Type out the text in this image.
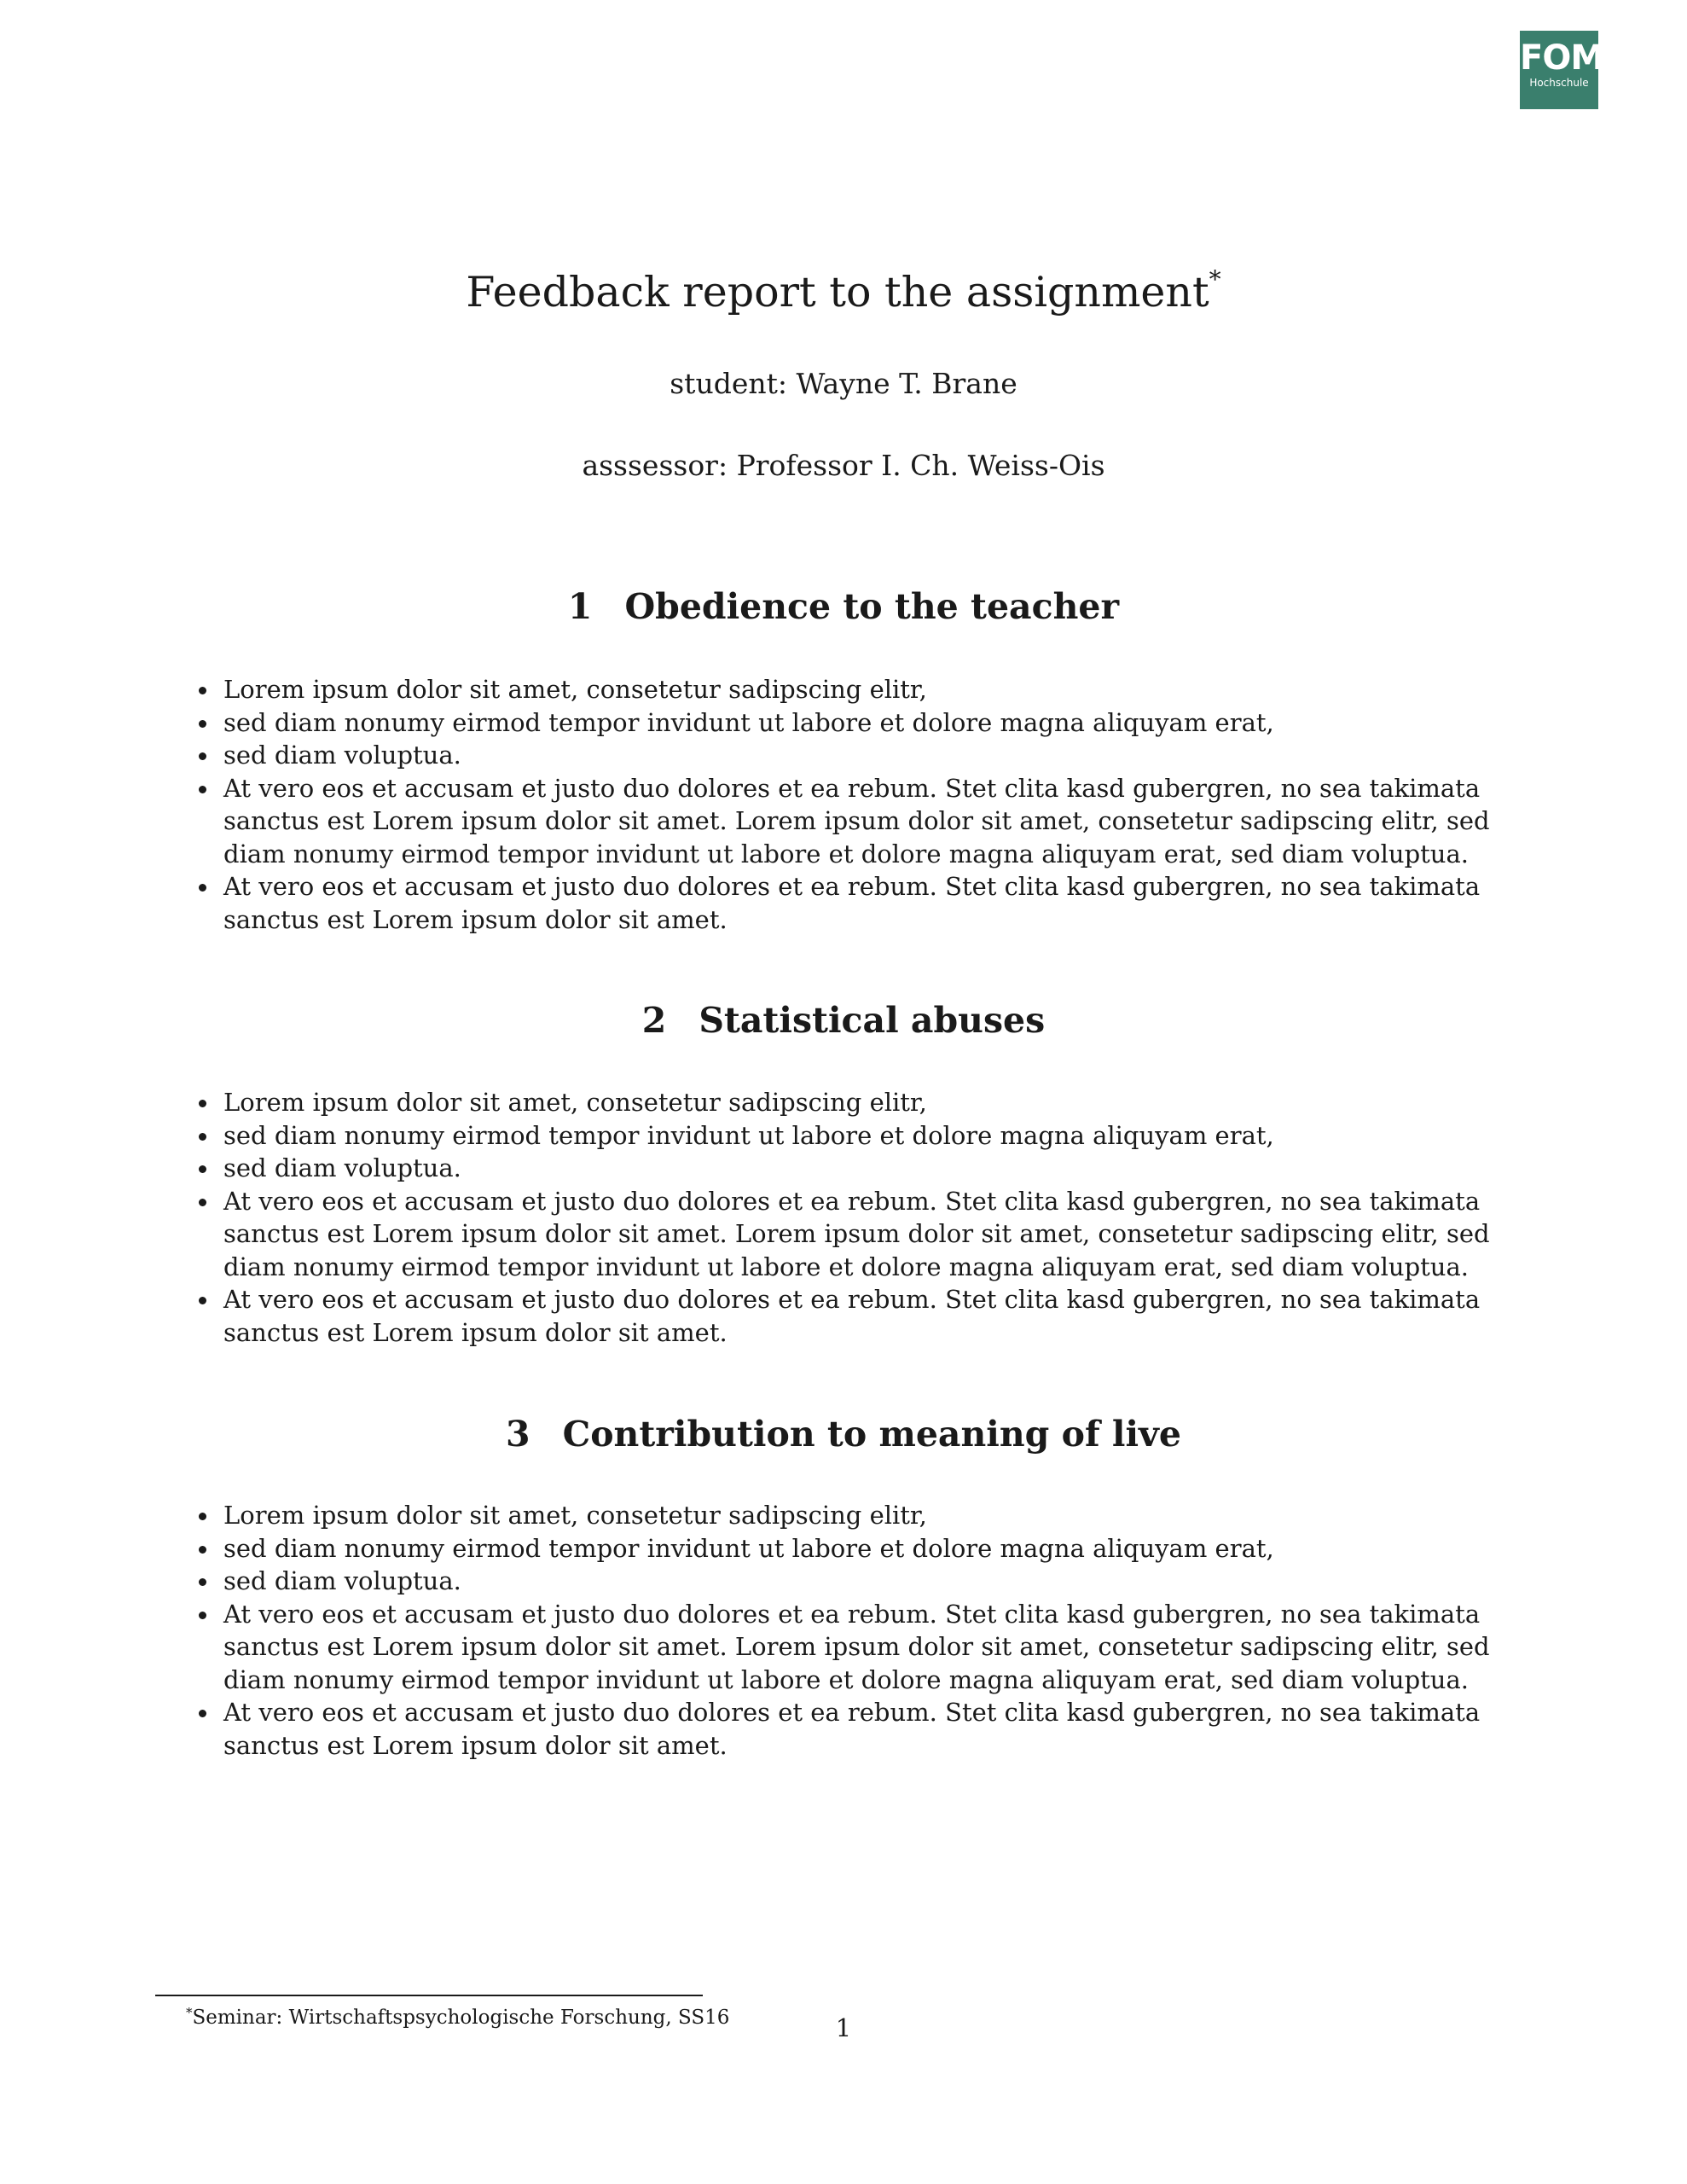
FOM
Hochschule
Feedback report to the assignment*

student: Wayne T. Brane

asssessor: Professor I. Ch. Weiss-Ois

1 Obedience to the teacher
Lorem ipsum dolor sit amet, consetetur sadipscing elitr,
sed diam nonumy eirmod tempor invidunt ut labore et dolore magna aliquyam erat,
sed diam voluptua.
At vero eos et accusam et justo duo dolores et ea rebum. Stet clita kasd gubergren, no sea takimata sanctus est Lorem ipsum dolor sit amet. Lorem ipsum dolor sit amet, consetetur sadipscing elitr, sed diam nonumy eirmod tempor invidunt ut labore et dolore magna aliquyam erat, sed diam voluptua.
At vero eos et accusam et justo duo dolores et ea rebum. Stet clita kasd gubergren, no sea takimata sanctus est Lorem ipsum dolor sit amet.
2 Statistical abuses
Lorem ipsum dolor sit amet, consetetur sadipscing elitr,
sed diam nonumy eirmod tempor invidunt ut labore et dolore magna aliquyam erat,
sed diam voluptua.
At vero eos et accusam et justo duo dolores et ea rebum. Stet clita kasd gubergren, no sea takimata sanctus est Lorem ipsum dolor sit amet. Lorem ipsum dolor sit amet, consetetur sadipscing elitr, sed diam nonumy eirmod tempor invidunt ut labore et dolore magna aliquyam erat, sed diam voluptua.
At vero eos et accusam et justo duo dolores et ea rebum. Stet clita kasd gubergren, no sea takimata sanctus est Lorem ipsum dolor sit amet.
3 Contribution to meaning of live
Lorem ipsum dolor sit amet, consetetur sadipscing elitr,
sed diam nonumy eirmod tempor invidunt ut labore et dolore magna aliquyam erat,
sed diam voluptua.
At vero eos et accusam et justo duo dolores et ea rebum. Stet clita kasd gubergren, no sea takimata sanctus est Lorem ipsum dolor sit amet. Lorem ipsum dolor sit amet, consetetur sadipscing elitr, sed diam nonumy eirmod tempor invidunt ut labore et dolore magna aliquyam erat, sed diam voluptua.
At vero eos et accusam et justo duo dolores et ea rebum. Stet clita kasd gubergren, no sea takimata sanctus est Lorem ipsum dolor sit amet.

*Seminar: Wirtschaftspsychologische Forschung, SS16	1
